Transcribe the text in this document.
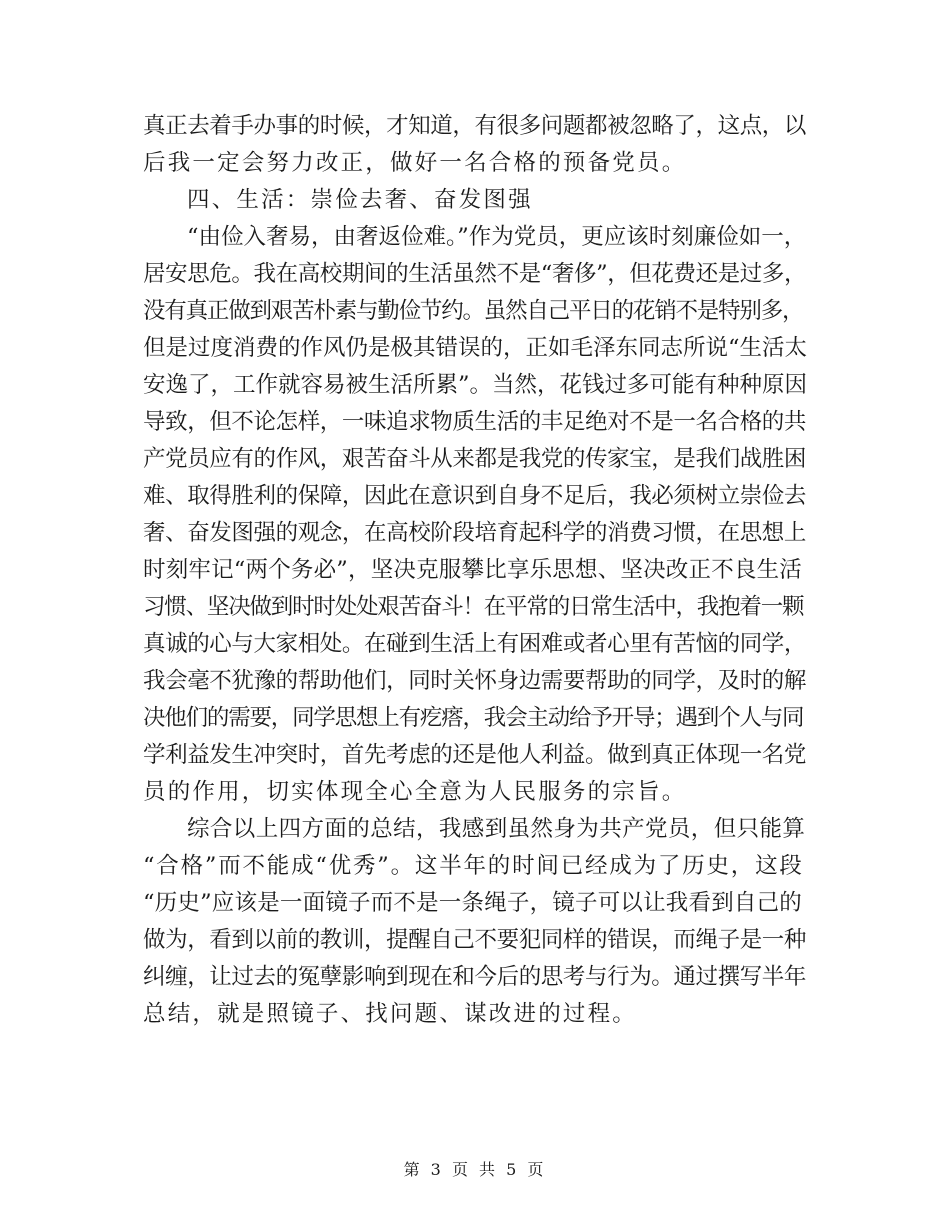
真正去着手办事的时候，才知道，有很多问题都被忽略了，这点，以
后我一定会努力改正，做好一名合格的预备党员。
四、生活：崇俭去奢、奋发图强
“由俭入奢易，由奢返俭难。”作为党员，更应该时刻廉俭如一，
居安思危。我在高校期间的生活虽然不是“奢侈”，但花费还是过多，
没有真正做到艰苦朴素与勤俭节约。虽然自己平日的花销不是特别多，
但是过度消费的作风仍是极其错误的，正如毛泽东同志所说“生活太
安逸了，工作就容易被生活所累”。当然，花钱过多可能有种种原因
导致，但不论怎样，一味追求物质生活的丰足绝对不是一名合格的共
产党员应有的作风，艰苦奋斗从来都是我党的传家宝，是我们战胜困
难、取得胜利的保障，因此在意识到自身不足后，我必须树立崇俭去
奢、奋发图强的观念，在高校阶段培育起科学的消费习惯，在思想上
时刻牢记“两个务必”，坚决克服攀比享乐思想、坚决改正不良生活
习惯、坚决做到时时处处艰苦奋斗！在平常的日常生活中，我抱着一颗
真诚的心与大家相处。在碰到生活上有困难或者心里有苦恼的同学，
我会毫不犹豫的帮助他们，同时关怀身边需要帮助的同学，及时的解
决他们的需要，同学思想上有疙瘩，我会主动给予开导；遇到个人与同
学利益发生冲突时，首先考虑的还是他人利益。做到真正体现一名党
员的作用，切实体现全心全意为人民服务的宗旨。
综合以上四方面的总结，我感到虽然身为共产党员，但只能算
“合格”而不能成“优秀”。这半年的时间已经成为了历史，这段
“历史”应该是一面镜子而不是一条绳子，镜子可以让我看到自己的
做为，看到以前的教训，提醒自己不要犯同样的错误，而绳子是一种
纠缠，让过去的冤孽影响到现在和今后的思考与行为。通过撰写半年
总结，就是照镜子、找问题、谋改进的过程。
第 3 页 共 5 页
